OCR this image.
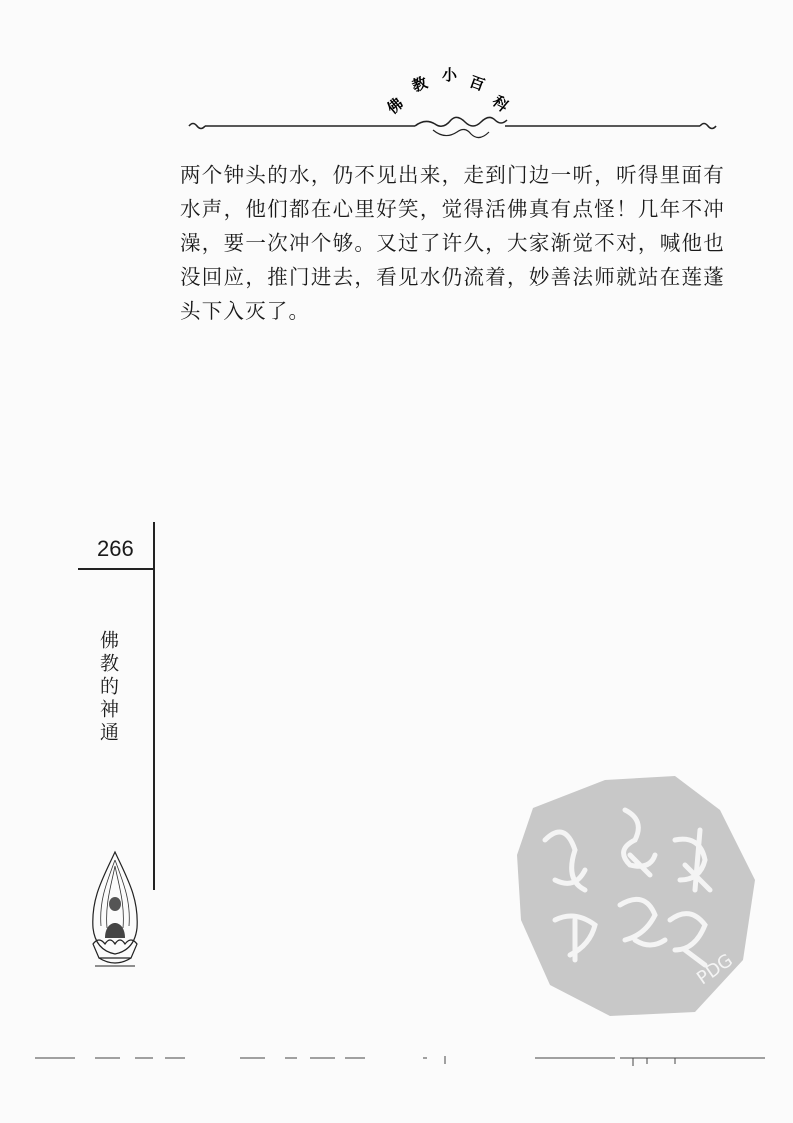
佛
教 小 百
科

两个钟头的水，仍不见出来，走到门边一听，听得里面有水声，他们都在心里好笑，觉得活佛真有点怪！几年不冲澡，要一次冲个够。又过了许久，大家渐觉不对，喊他也没回应，推门进去，看见水仍流着，妙善法师就站在莲蓬头下入灭了。

266
佛教的神通
PDG
